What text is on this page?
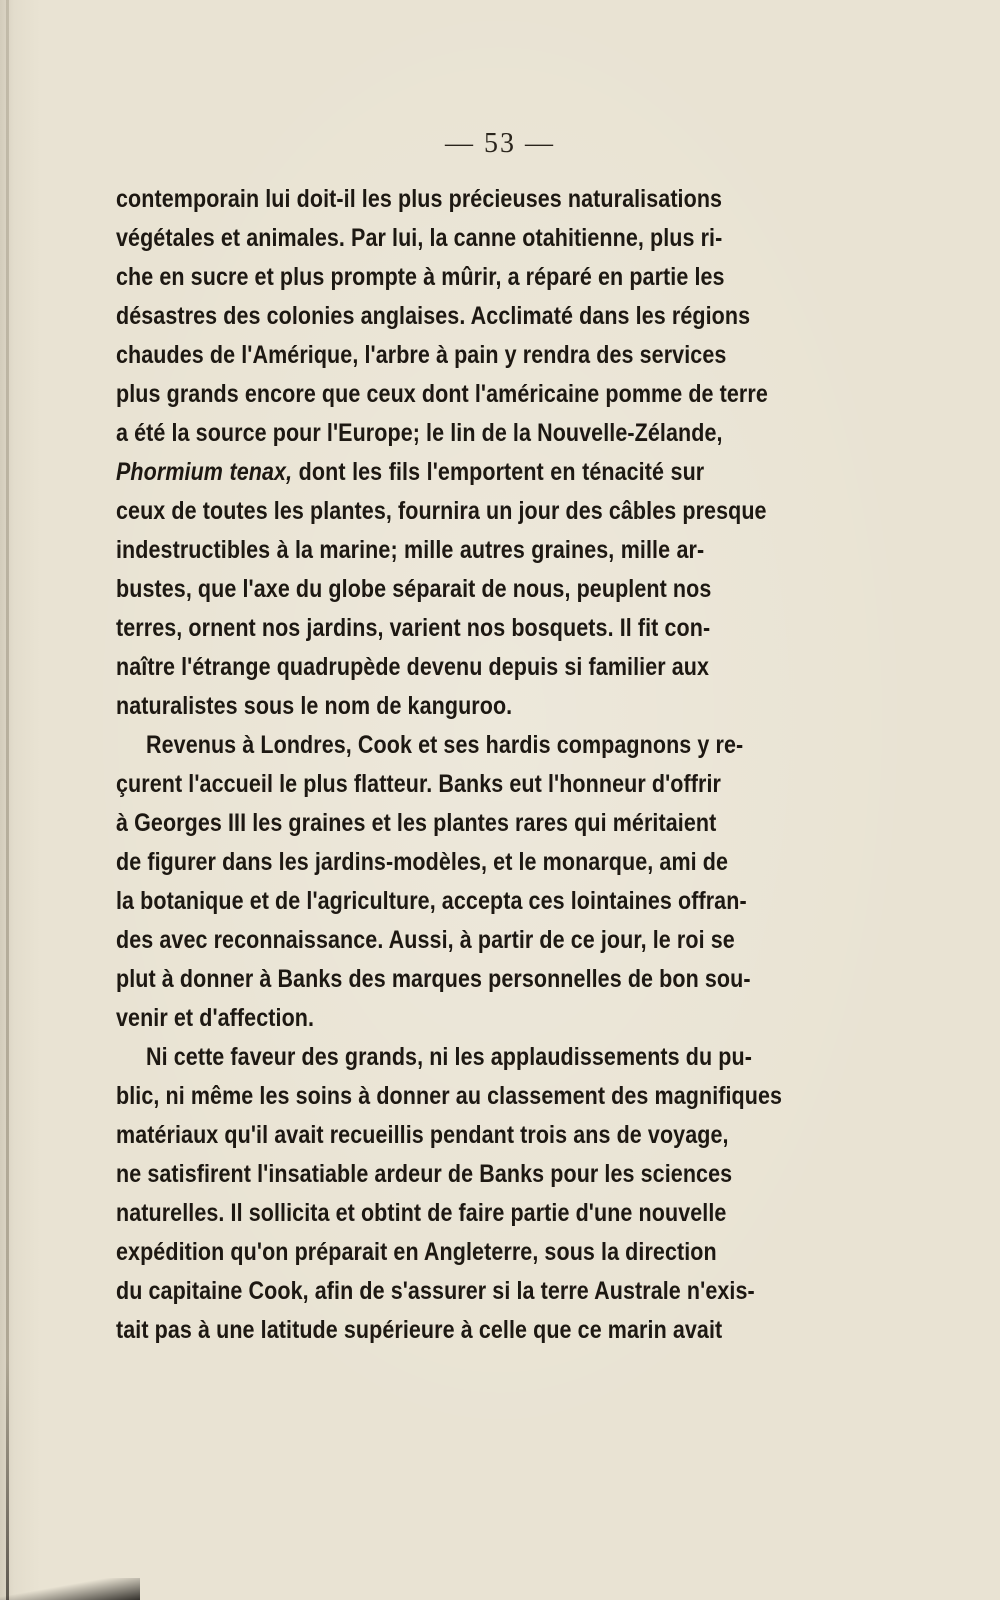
— 53 —
contemporain lui doit-il les plus précieuses naturalisations
végétales et animales. Par lui, la canne otahitienne, plus ri-
che en sucre et plus prompte à mûrir, a réparé en partie les
désastres des colonies anglaises. Acclimaté dans les régions
chaudes de l'Amérique, l'arbre à pain y rendra des services
plus grands encore que ceux dont l'américaine pomme de terre
a été la source pour l'Europe; le lin de la Nouvelle-Zélande,
Phormium tenax, dont les fils l'emportent en ténacité sur
ceux de toutes les plantes, fournira un jour des câbles presque
indestructibles à la marine; mille autres graines, mille ar-
bustes, que l'axe du globe séparait de nous, peuplent nos
terres, ornent nos jardins, varient nos bosquets. Il fit con-
naître l'étrange quadrupède devenu depuis si familier aux
naturalistes sous le nom de kanguroo.
Revenus à Londres, Cook et ses hardis compagnons y re-
çurent l'accueil le plus flatteur. Banks eut l'honneur d'offrir
à Georges III les graines et les plantes rares qui méritaient
de figurer dans les jardins-modèles, et le monarque, ami de
la botanique et de l'agriculture, accepta ces lointaines offran-
des avec reconnaissance. Aussi, à partir de ce jour, le roi se
plut à donner à Banks des marques personnelles de bon sou-
venir et d'affection.
Ni cette faveur des grands, ni les applaudissements du pu-
blic, ni même les soins à donner au classement des magnifiques
matériaux qu'il avait recueillis pendant trois ans de voyage,
ne satisfirent l'insatiable ardeur de Banks pour les sciences
naturelles. Il sollicita et obtint de faire partie d'une nouvelle
expédition qu'on préparait en Angleterre, sous la direction
du capitaine Cook, afin de s'assurer si la terre Australe n'exis-
tait pas à une latitude supérieure à celle que ce marin avait
